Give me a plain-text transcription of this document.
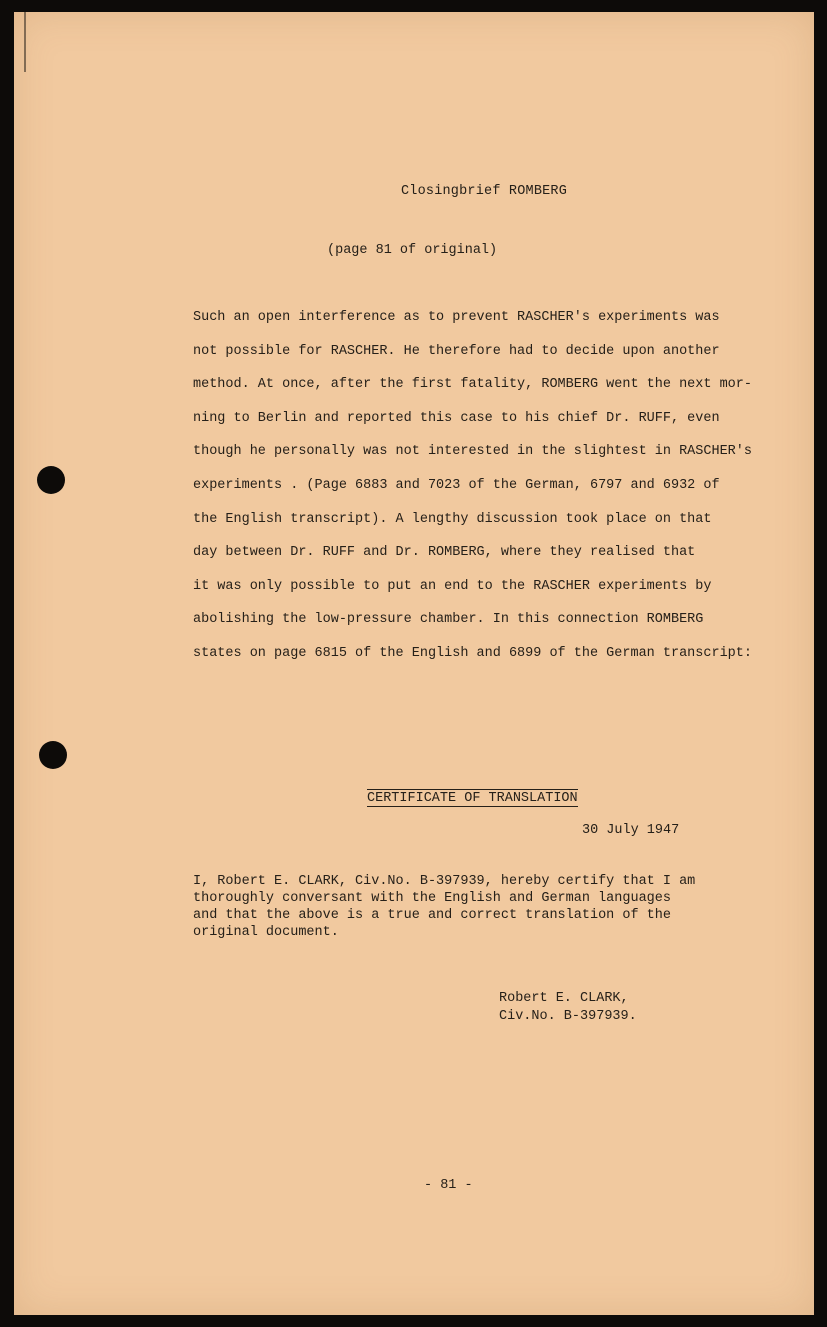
Closingbrief ROMBERG
(page 81 of original)
Such an open interference as to prevent RASCHER's experiments was
not possible for RASCHER. He therefore had to decide upon another
method. At once, after the first fatality, ROMBERG went the next mor-
ning to Berlin and reported this case to his chief Dr. RUFF, even
though he personally was not interested in the slightest in RASCHER's
experiments . (Page 6883 and 7023 of the German, 6797 and 6932 of
the English transcript). A lengthy discussion took place on that
day between Dr. RUFF and Dr. ROMBERG, where they realised that
it was only possible to put an end to the RASCHER experiments by
abolishing the low-pressure chamber. In this connection ROMBERG
states on page 6815 of the English and 6899 of the German transcript:
CERTIFICATE OF TRANSLATION
30 July 1947
I, Robert E. CLARK, Civ.No. B-397939, hereby certify that I am
thoroughly conversant with the English and German languages
and that the above is a true and correct translation of the
original document.
Robert E. CLARK,
Civ.No. B-397939.
- 81 -
